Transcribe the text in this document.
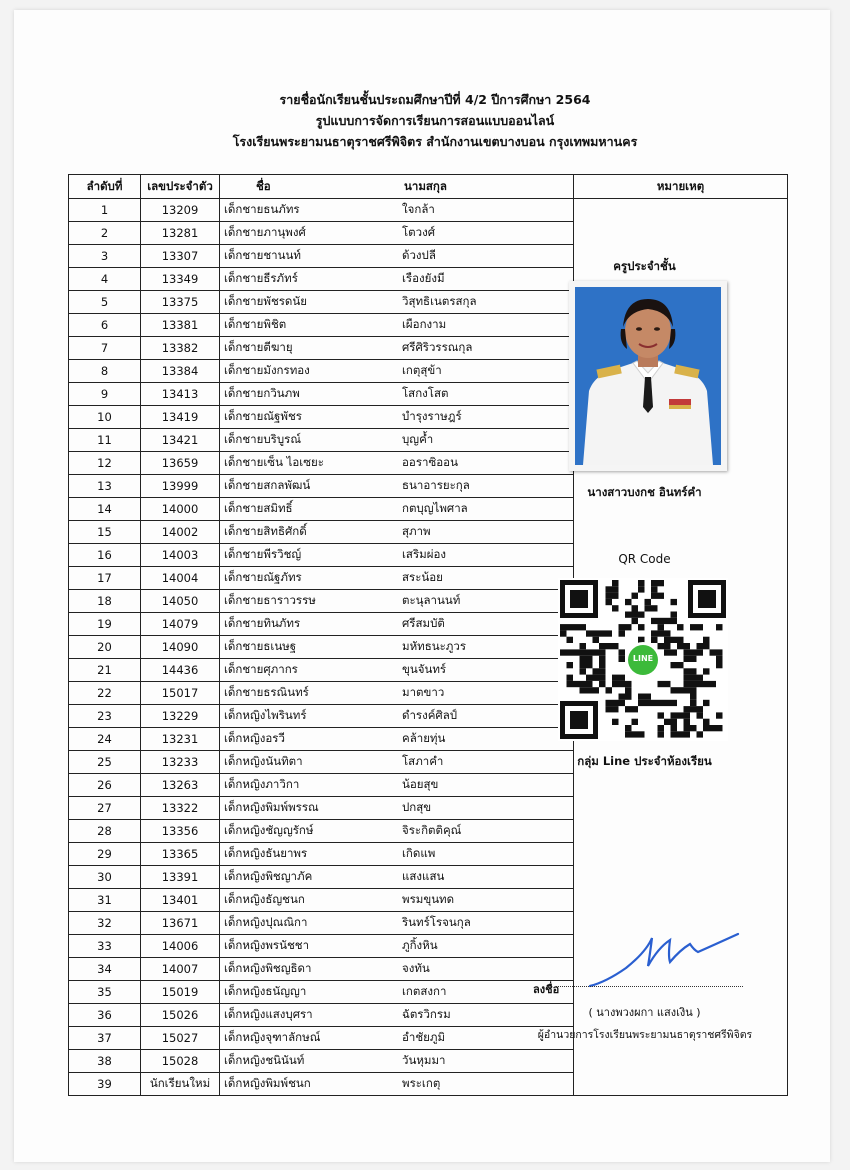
รายชื่อนักเรียนชั้นประถมศึกษาปีที่ 4/2 ปีการศึกษา 2564
รูปแบบการจัดการเรียนการสอนแบบออนไลน์
โรงเรียนพระยามนธาตุราชศรีพิจิตร สำนักงานเขตบางบอน กรุงเทพมหานคร
ลำดับที่	เลขประจำตัว	ชื่อ	นามสกุล	หมายเหตุ
1	13209	เด็กชายธนภัทร	ใจกล้า	
2	13281	เด็กชายภานุพงศ์	โตวงศ์	
3	13307	เด็กชายชานนท์	ด้วงปลี	
4	13349	เด็กชายธีรภัทร์	เรืองยังมี	
5	13375	เด็กชายพัชรดนัย	วิสุทธิเนตรสกุล	
6	13381	เด็กชายพิชิต	เผือกงาม	
7	13382	เด็กชายตีฆายุ	ศรีศิริวรรณกุล	
8	13384	เด็กชายมังกรทอง	เกตุสุข้า	
9	13413	เด็กชายกวินภพ	โสกงโสต	
10	13419	เด็กชายณัฐพัชร	บำรุงราษฎร์	
11	13421	เด็กชายบริบูรณ์	บุญค้ำ	
12	13659	เด็กชายเซ็น ไอเซยะ	ออราซิออน	
13	13999	เด็กชายสกลพัฒน์	ธนาอารยะกุล	
14	14000	เด็กชายสมิทธิ์	กตบุญไพศาล	
15	14002	เด็กชายสิทธิศักดิ์	สุภาพ	
16	14003	เด็กชายพีรวิชญ์	เสริมผ่อง	
17	14004	เด็กชายณัฐภัทร	สระน้อย	
18	14050	เด็กชายธาราวรรษ	ตะนุลานนท์	
19	14079	เด็กชายทินภัทร	ศรีสมบัติ	
20	14090	เด็กชายธเนษฐ	มหัทธนะภูวร	
21	14436	เด็กชายศุภากร	ขุนจันทร์	
22	15017	เด็กชายธรณินทร์	มาตขาว	
23	13229	เด็กหญิงไพรินทร์	ดำรงค์ศิลป์	
24	13231	เด็กหญิงอรวี	คล้ายทุ่น	
25	13233	เด็กหญิงนันทิตา	โสภาคำ	
26	13263	เด็กหญิงภาวิกา	น้อยสุข	
27	13322	เด็กหญิงพิมพ์พรรณ	ปกสุข	
28	13356	เด็กหญิงชัญญรักษ์	จิระกิตติคุณ์	
29	13365	เด็กหญิงธันยาพร	เกิดแพ	
30	13391	เด็กหญิงพิชญาภัค	แสงแสน	
31	13401	เด็กหญิงธัญชนก	พรมขุนทด	
32	13671	เด็กหญิงปุณณิกา	รินทร์โรจนกุล	
33	14006	เด็กหญิงพรนัชชา	ภูกิ้งหิน	
34	14007	เด็กหญิงพิชญธิดา	จงทัน	
35	15019	เด็กหญิงธนัญญา	เกตสงกา	
36	15026	เด็กหญิงแสงบุศรา	ฉัตรวิกรม	
37	15027	เด็กหญิงจุฑาลักษณ์	อำชัยภูมิ	
38	15028	เด็กหญิงชนินันท์	วันหุมมา	
39	นักเรียนใหม่	เด็กหญิงพิมพ์ชนก	พระเกตุ	
ครูประจำชั้น
นางสาวบงกช อินทร์คำ
QR Code
LINE
กลุ่ม Line ประจำห้องเรียน
ลงชื่อ
( นางพวงผกา แสงเงิน )
ผู้อำนวยการโรงเรียนพระยามนธาตุราชศรีพิจิตร
